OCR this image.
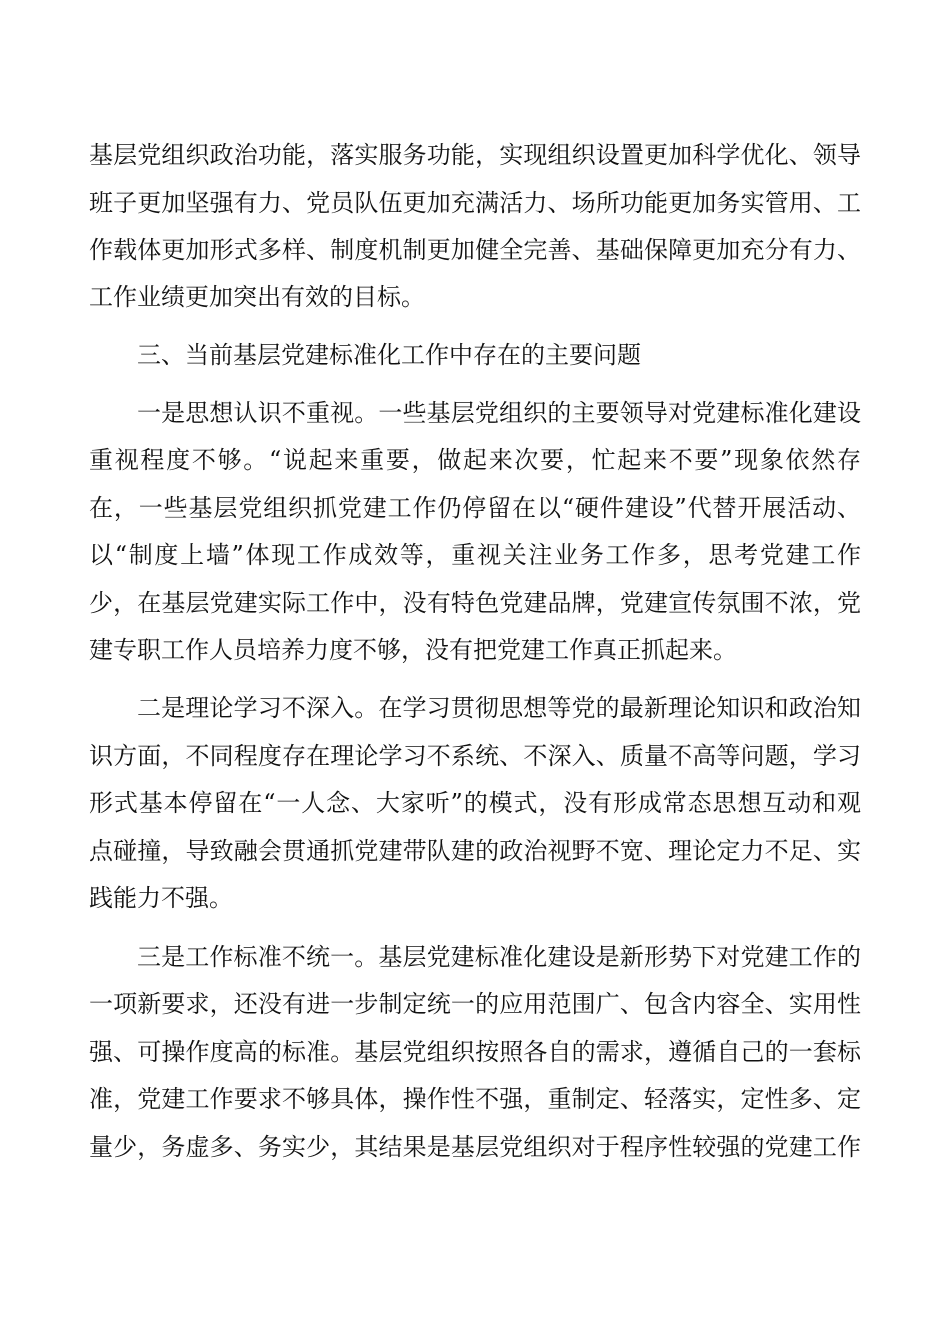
基层党组织政治功能，落实服务功能，实现组织设置更加科学优化、领导
班子更加坚强有力、党员队伍更加充满活力、场所功能更加务实管用、工
作载体更加形式多样、制度机制更加健全完善、基础保障更加充分有力、
工作业绩更加突出有效的目标。
三、当前基层党建标准化工作中存在的主要问题
一是思想认识不重视。一些基层党组织的主要领导对党建标准化建设
重视程度不够。“说起来重要，做起来次要，忙起来不要”现象依然存
在，一些基层党组织抓党建工作仍停留在以“硬件建设”代替开展活动、
以“制度上墙”体现工作成效等，重视关注业务工作多，思考党建工作
少，在基层党建实际工作中，没有特色党建品牌，党建宣传氛围不浓，党
建专职工作人员培养力度不够，没有把党建工作真正抓起来。
二是理论学习不深入。在学习贯彻思想等党的最新理论知识和政治知
识方面，不同程度存在理论学习不系统、不深入、质量不高等问题，学习
形式基本停留在“一人念、大家听”的模式，没有形成常态思想互动和观
点碰撞，导致融会贯通抓党建带队建的政治视野不宽、理论定力不足、实
践能力不强。
三是工作标准不统一。基层党建标准化建设是新形势下对党建工作的
一项新要求，还没有进一步制定统一的应用范围广、包含内容全、实用性
强、可操作度高的标准。基层党组织按照各自的需求，遵循自己的一套标
准，党建工作要求不够具体，操作性不强，重制定、轻落实，定性多、定
量少，务虚多、务实少，其结果是基层党组织对于程序性较强的党建工作
